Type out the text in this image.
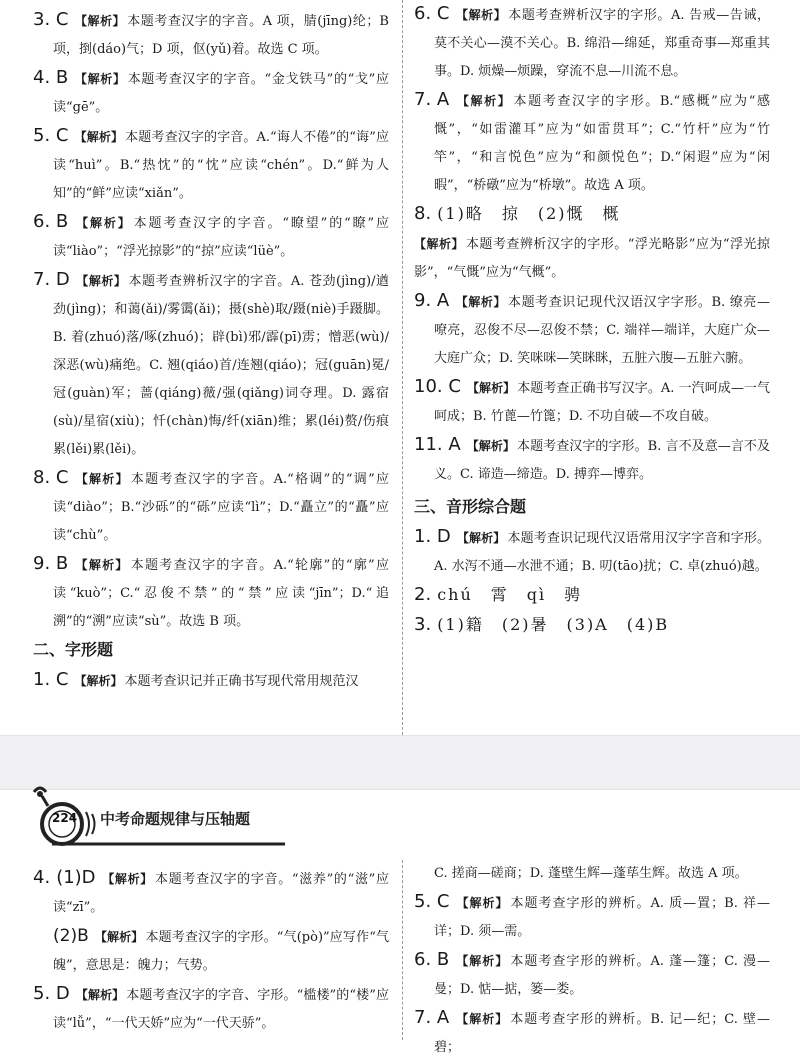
3. C 【解析】 本题考查汉字的字音。A 项，腈(jīng)纶；B 项，捯(dáo)气；D 项，伛(yǔ)着。故选 C 项。

4. B 【解析】 本题考查汉字的字音。“金戈铁马”的“戈”应读“gē”。

5. C 【解析】 本题考查汉字的字音。A.“诲人不倦”的“诲”应读“huì”。B.“热忱”的“忱”应读“chén”。D.“鲜为人知”的“鲜”应读“xiǎn”。

6. B 【解析】 本题考查汉字的字音。“瞭望”的“瞭”应读“liào”；“浮光掠影”的“掠”应读“lüè”。

7. D 【解析】 本题考查辨析汉字的字音。A. 苍劲(jìng)/遒劲(jìng)；和蔼(ǎi)/雾霭(ǎi)；摄(shè)取/蹑(niè)手蹑脚。B. 着(zhuó)落/啄(zhuó)；辟(bì)邪/霹(pī)雳；憎恶(wù)/深恶(wù)痛绝。C. 翘(qiáo)首/连翘(qiáo)；冠(guān)冕/冠(guàn)军；蔷(qiáng)薇/强(qiǎng)词夺理。D. 露宿(sù)/星宿(xiù)；忏(chàn)悔/纤(xiān)维；累(léi)赘/伤痕累(lěi)累(lěi)。

8. C 【解析】 本题考查汉字的字音。A.“格调”的“调”应读“diào”；B.“沙砾”的“砾”应读“lì”；D.“矗立”的“矗”应读“chù”。

9. B 【解析】 本题考查汉字的字音。A.“轮廓”的“廓”应读“kuò”；C.“忍俊不禁”的“禁”应读“jīn”；D.“追溯”的“溯”应读“sù”。故选 B 项。

二、字形题

1. C 【解析】 本题考查识记并正确书写现代常用规范汉

6. C 【解析】 本题考查辨析汉字的字形。A. 告戒—告诫，莫不关心—漠不关心。B. 绵沿—绵延，郑重奇事—郑重其事。D. 烦燥—烦躁，穿流不息—川流不息。

7. A 【解析】 本题考查汉字的字形。B.“感概”应为“感慨”，“如雷灌耳”应为“如雷贯耳”；C.“竹杆”应为“竹竿”，“和言悦色”应为“和颜悦色”；D.“闲遐”应为“闲暇”，“桥礅”应为“桥墩”。故选 A 项。

8. (1)略　掠　(2)慨　概

【解析】 本题考查辨析汉字的字形。“浮光略影”应为“浮光掠影”，“气慨”应为“气概”。

9. A 【解析】 本题考查识记现代汉语汉字字形。B. 缭亮—嘹亮，忍俊不尽—忍俊不禁；C. 端祥—端详，大庭广众—大庭广众；D. 笑咪咪—笑眯眯，五脏六腹—五脏六腑。

10. C 【解析】 本题考查正确书写汉字。A. 一汽呵成—一气呵成；B. 竹蓖—竹篦；D. 不功自破—不攻自破。

11. A 【解析】 本题考查汉字的字形。B. 言不及意—言不及义。C. 谛造—缔造。D. 搏弈—博弈。

三、音形综合题

1. D 【解析】 本题考查识记现代汉语常用汉字字音和字形。A. 水泻不通—水泄不通；B. 叨(tāo)扰；C. 卓(zhuó)越。

2. chú　霄　qì　骋

3. (1)籍　(2)暑　(3)A　(4)B

224 中考命题规律与压轴题

4. (1)D 【解析】 本题考查汉字的字音。“滋养”的“滋”应读“zī”。

(2)B 【解析】 本题考查汉字的字形。“气(pò)”应写作“气魄”，意思是：魄力；气势。

5. D 【解析】 本题考查汉字的字音、字形。“槛楼”的“楼”应读“lǚ”，“一代天娇”应为“一代天骄”。

C. 搓商—磋商；D. 蓬壁生辉—蓬荜生辉。故选 A 项。

5. C 【解析】 本题考查字形的辨析。A. 质—置；B. 祥—详；D. 须—需。

6. B 【解析】 本题考查字形的辨析。A. 蓬—篷；C. 漫—曼；D. 惦—掂，篓—娄。

7. A 【解析】 本题考查字形的辨析。B. 记—纪；C. 壁—碧；
